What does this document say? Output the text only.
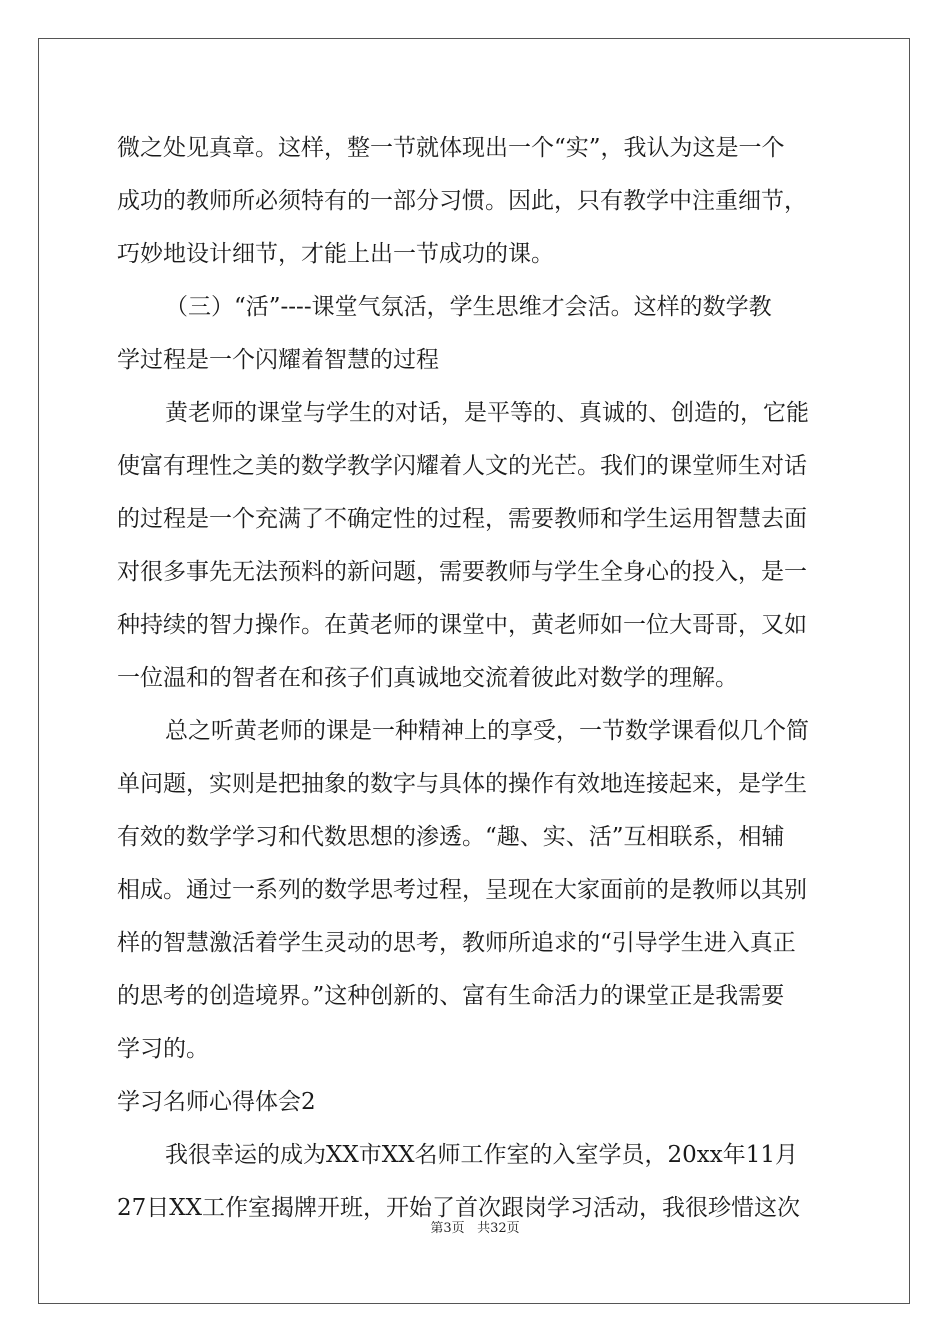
微之处见真章。这样，整一节就体现出一个“实”，我认为这是一个
成功的教师所必须特有的一部分习惯。因此，只有教学中注重细节，
巧妙地设计细节，才能上出一节成功的课。
（三）“活”----课堂气氛活，学生思维才会活。这样的数学教
学过程是一个闪耀着智慧的过程
黄老师的课堂与学生的对话，是平等的、真诚的、创造的，它能
使富有理性之美的数学教学闪耀着人文的光芒。我们的课堂师生对话
的过程是一个充满了不确定性的过程，需要教师和学生运用智慧去面
对很多事先无法预料的新问题，需要教师与学生全身心的投入，是一
种持续的智力操作。在黄老师的课堂中，黄老师如一位大哥哥，又如
一位温和的智者在和孩子们真诚地交流着彼此对数学的理解。
总之听黄老师的课是一种精神上的享受，一节数学课看似几个简
单问题，实则是把抽象的数字与具体的操作有效地连接起来，是学生
有效的数学学习和代数思想的渗透。“趣、实、活”互相联系，相辅
相成。通过一系列的数学思考过程，呈现在大家面前的是教师以其别
样的智慧激活着学生灵动的思考，教师所追求的“引导学生进入真正
的思考的创造境界。”这种创新的、富有生命活力的课堂正是我需要
学习的。
学习名师心得体会2
我很幸运的成为XX市XX名师工作室的入室学员，20xx年11月
27日XX工作室揭牌开班，开始了首次跟岗学习活动，我很珍惜这次
第3页 共32页
